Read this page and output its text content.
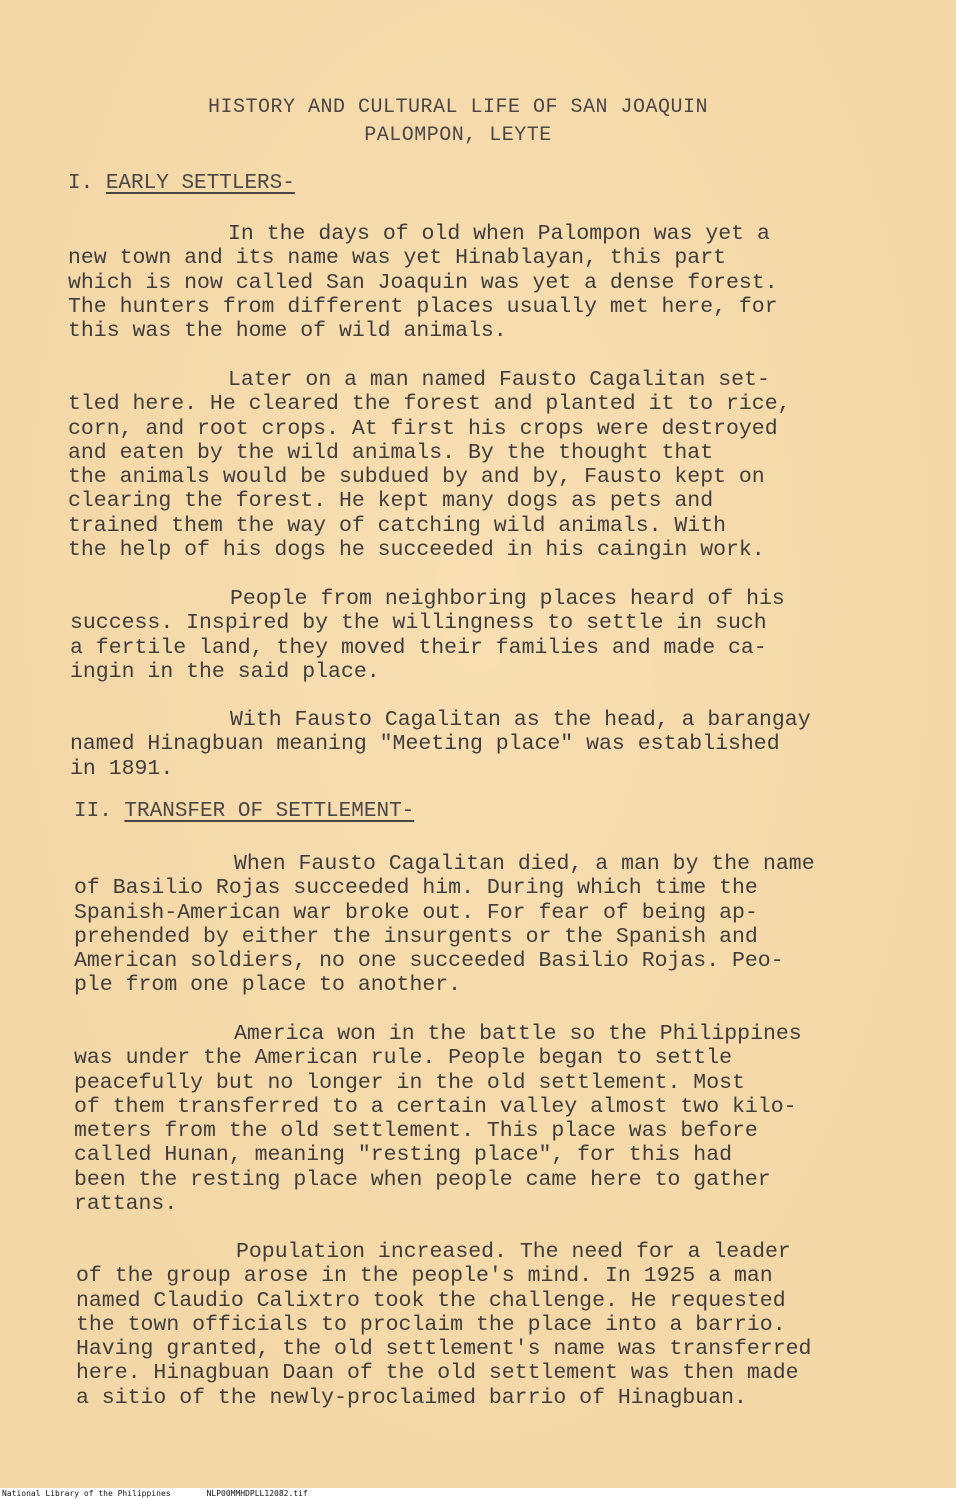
HISTORY AND CULTURAL LIFE OF SAN JOAQUIN
PALOMPON, LEYTE
I. EARLY SETTLERS-

In the days of old when Palompon was yet a
new town and its name was yet Hinablayan, this part
which is now called San Joaquin was yet a dense forest.
The hunters from different places usually met here, for
this was the home of wild animals.

Later on a man named Fausto Cagalitan set-
tled here. He cleared the forest and planted it to rice,
corn, and root crops. At first his crops were destroyed
and eaten by the wild animals. By the thought that
the animals would be subdued by and by, Fausto kept on
clearing the forest. He kept many dogs as pets and
trained them the way of catching wild animals. With
the help of his dogs he succeeded in his caingin work.

People from neighboring places heard of his
success. Inspired by the willingness to settle in such
a fertile land, they moved their families and made ca-
ingin in the said place.

With Fausto Cagalitan as the head, a barangay
named Hinagbuan meaning "Meeting place" was established
in 1891.

II. TRANSFER OF SETTLEMENT-

When Fausto Cagalitan died, a man by the name
of Basilio Rojas succeeded him. During which time the
Spanish-American war broke out. For fear of being ap-
prehended by either the insurgents or the Spanish and
American soldiers, no one succeeded Basilio Rojas. Peo-
ple from one place to another.

America won in the battle so the Philippines
was under the American rule. People began to settle
peacefully but no longer in the old settlement. Most
of them transferred to a certain valley almost two kilo-
meters from the old settlement. This place was before
called Hunan, meaning "resting place", for this had
been the resting place when people came here to gather
rattans.

Population increased. The need for a leader
of the group arose in the people's mind. In 1925 a man
named Claudio Calixtro took the challenge. He requested
the town officials to proclaim the place into a barrio.
Having granted, the old settlement's name was transferred
here. Hinagbuan Daan of the old settlement was then made
a sitio of the newly-proclaimed barrio of Hinagbuan.

National Library of the Philippines	NLP00MMHDPLL12082.tif
